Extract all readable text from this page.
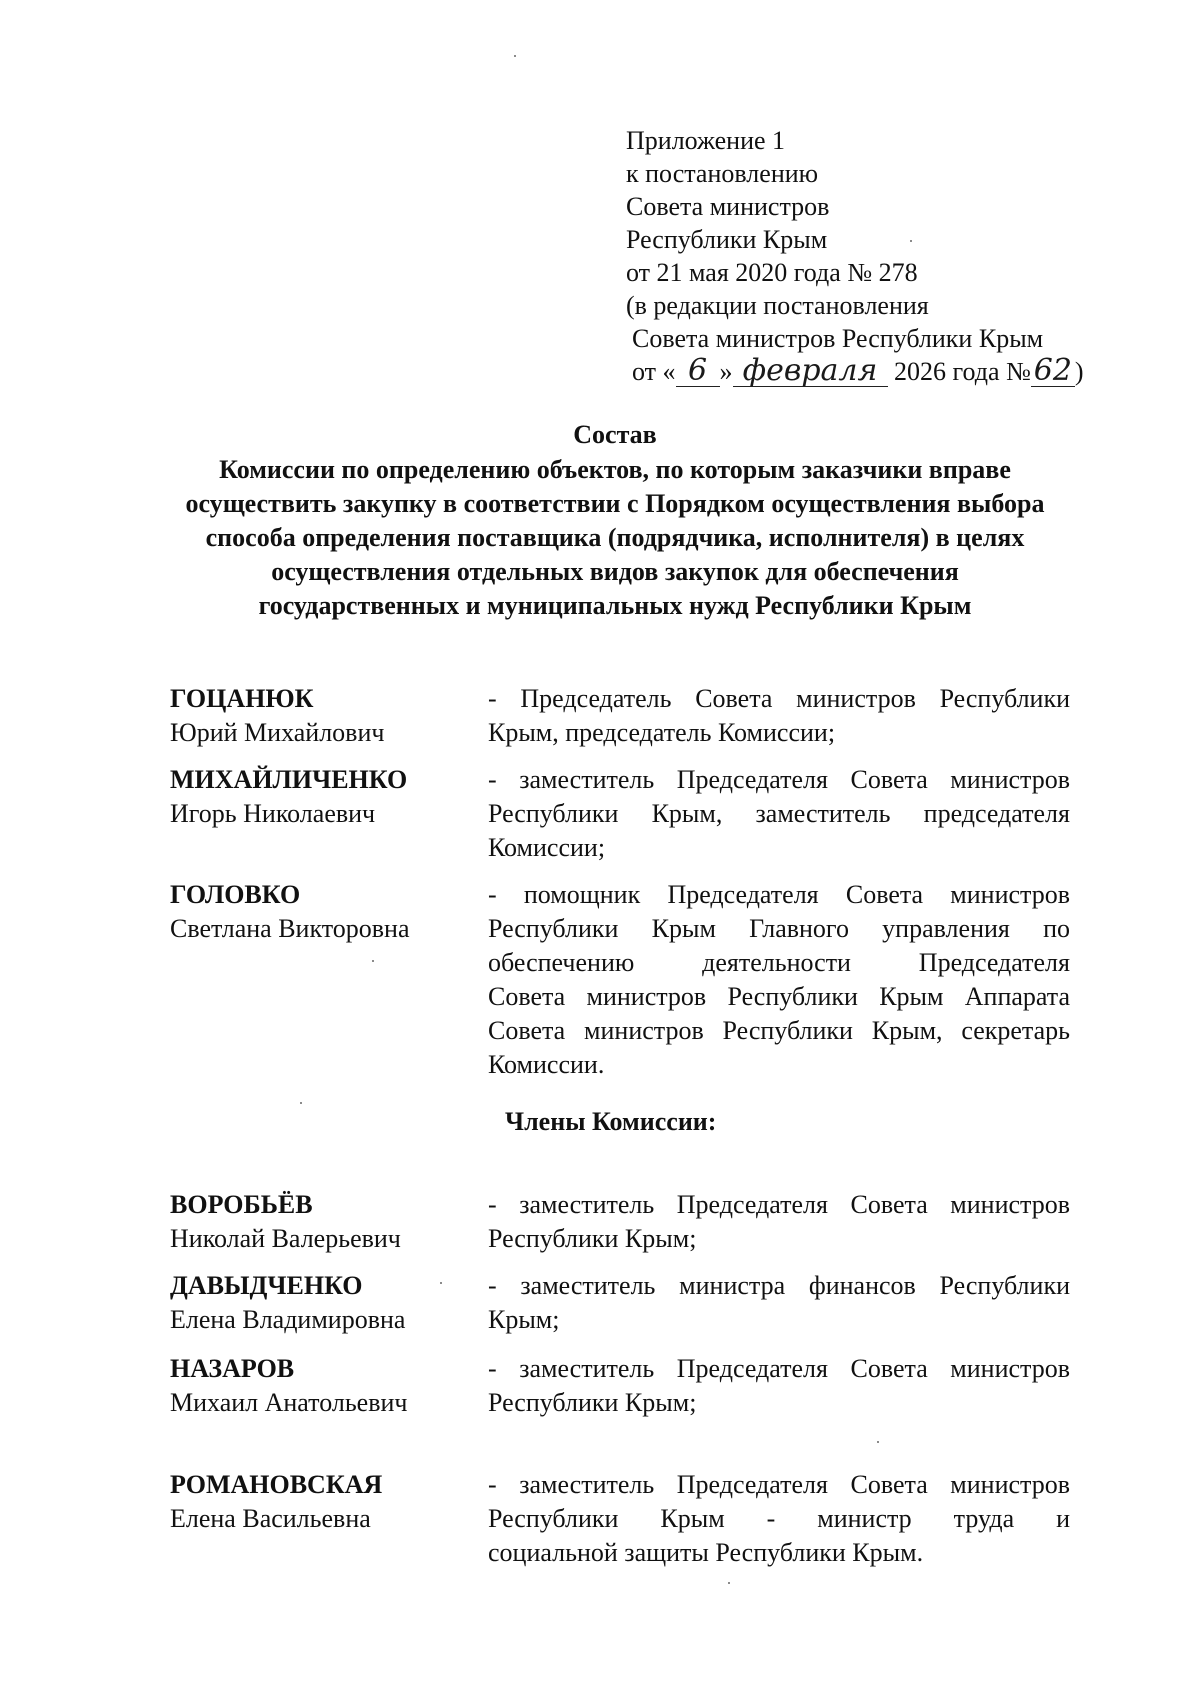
Приложение 1
к постановлению
Совета министров
Республики Крым
от 21 мая 2020 года № 278
(в редакции постановления
Совета министров Республики Крым
от « 6 » февраля 2026 года №62 )
Состав
Комиссии по определению объектов, по которым заказчики вправе
осуществить закупку в соответствии с Порядком осуществления выбора
способа определения поставщика (подрядчика, исполнителя) в целях
осуществления отдельных видов закупок для обеспечения
государственных и муниципальных нужд Республики Крым
ГОЦАНЮК
Юрий Михайлович
- Председатель Совета министров Республики
Крым, председатель Комиссии;
МИХАЙЛИЧЕНКО
Игорь Николаевич
- заместитель Председателя Совета министров
Республики Крым, заместитель председателя
Комиссии;
ГОЛОВКО
Светлана Викторовна
- помощник Председателя Совета министров
Республики Крым Главного управления по
обеспечению деятельности Председателя
Совета министров Республики Крым Аппарата
Совета министров Республики Крым, секретарь
Комиссии.
Члены Комиссии:
ВОРОБЬЁВ
Николай Валерьевич
- заместитель Председателя Совета министров
Республики Крым;
ДАВЫДЧЕНКО
Елена Владимировна
- заместитель министра финансов Республики
Крым;
НАЗАРОВ
Михаил Анатольевич
- заместитель Председателя Совета министров
Республики Крым;
РОМАНОВСКАЯ
Елена Васильевна
- заместитель Председателя Совета министров
Республики Крым - министр труда и
социальной защиты Республики Крым.
